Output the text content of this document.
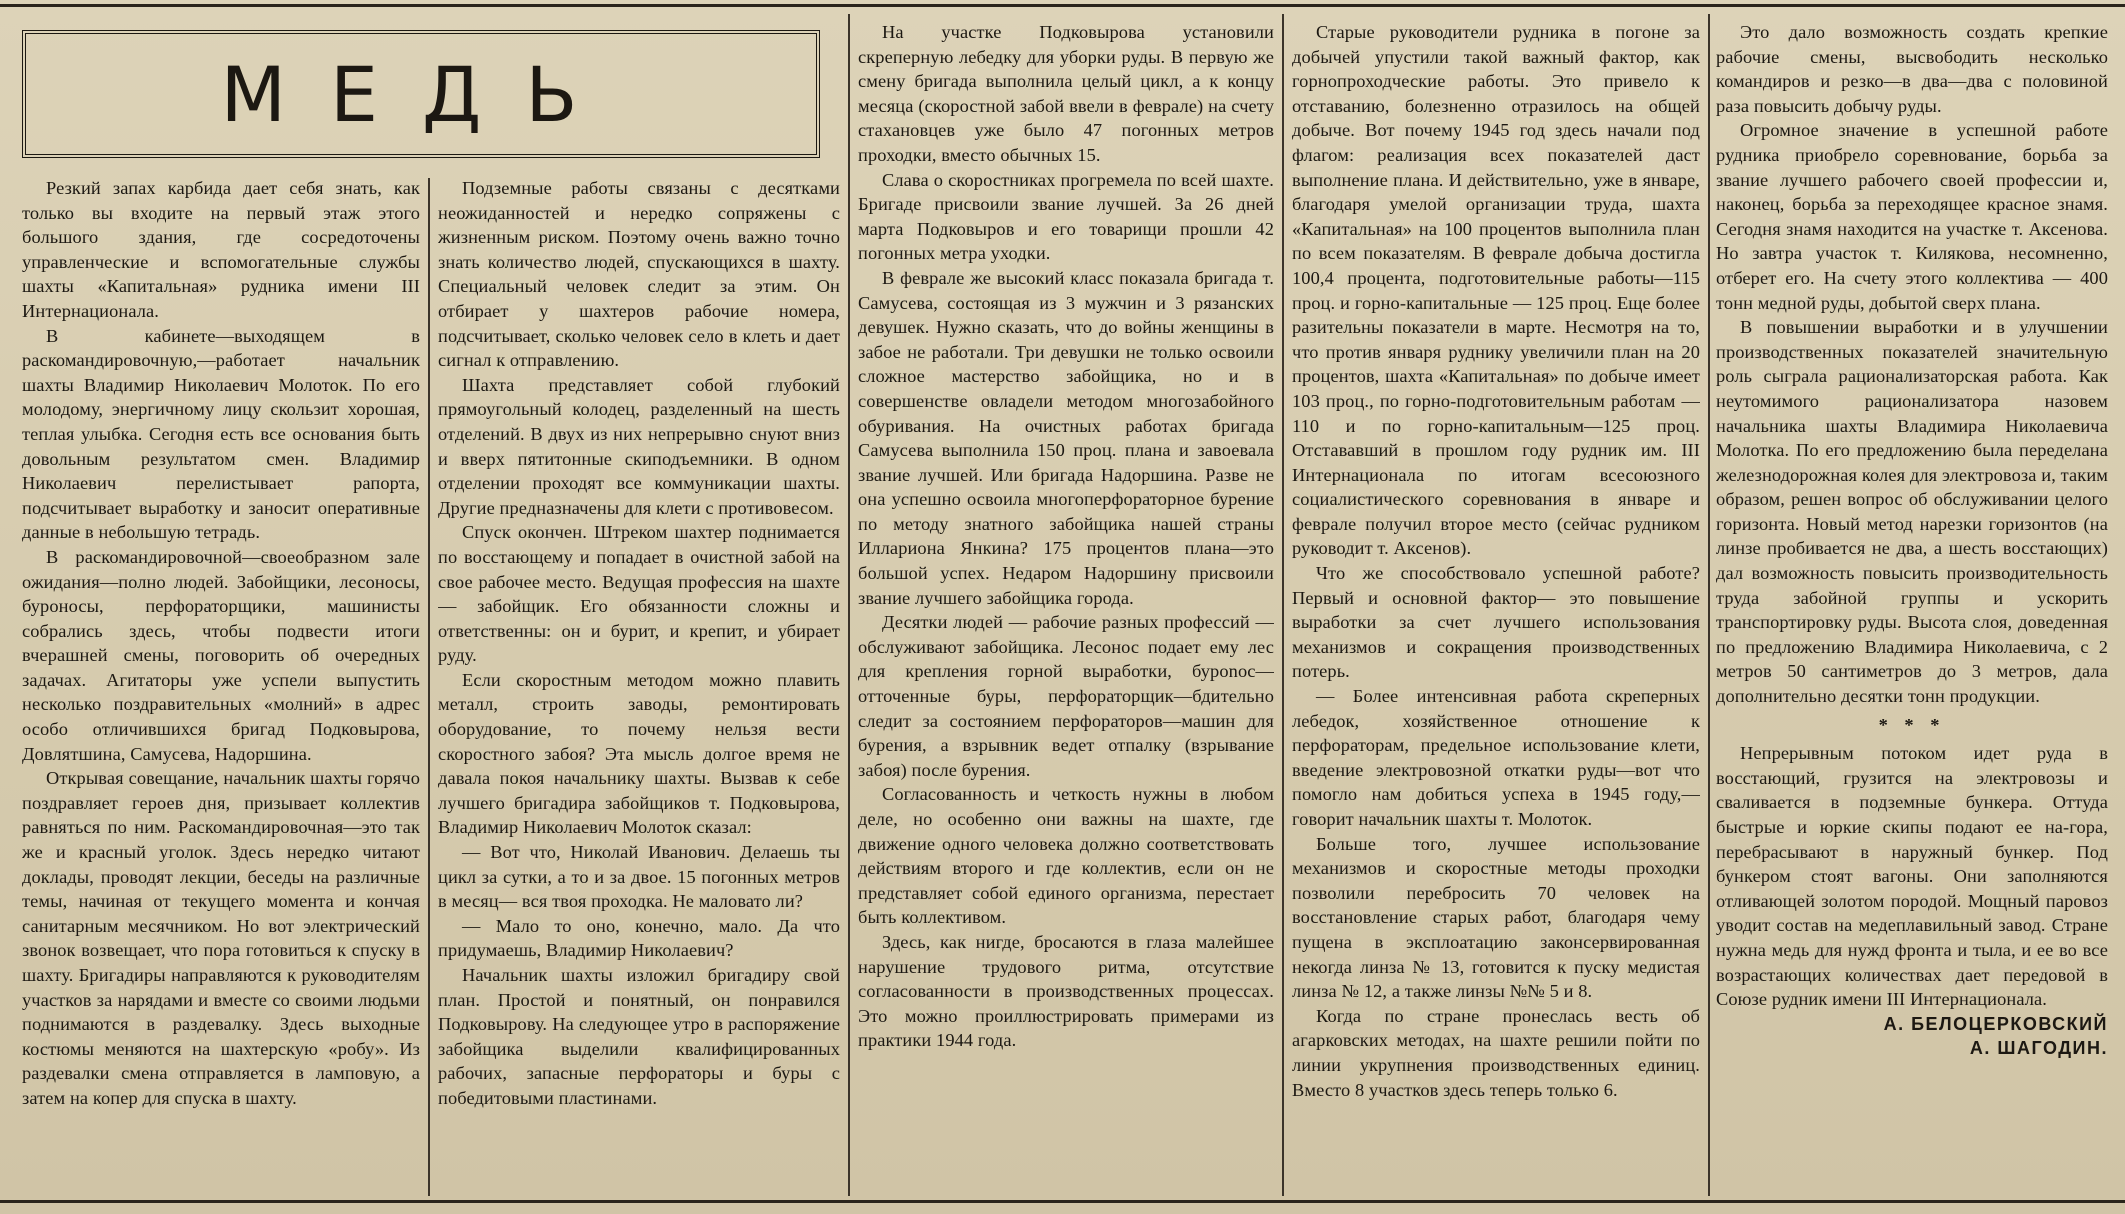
МЕДЬ

Резкий запах карбида дает себя знать, как только вы входите на первый этаж этого большого здания, где сосредоточены управленческие и вспомогательные службы шахты «Капитальная» рудника имени III Интернационала.

В кабинете—выходящем в раскомандировочную,—работает начальник шахты Владимир Николаевич Молоток. По его молодому, энергичному лицу скользит хорошая, теплая улыбка. Сегодня есть все основания быть довольным результатом смен. Владимир Николаевич перелистывает рапорта, подсчитывает выработку и заносит оперативные данные в небольшую тетрадь.

В раскомандировочной—своеобразном зале ожидания—полно людей. Забойщики, лесоносы, буроносы, перфораторщики, машинисты собрались здесь, чтобы подвести итоги вчерашней смены, поговорить об очередных задачах. Агитаторы уже успели выпустить несколько поздравительных «молний» в адрес особо отличившихся бригад Подковырова, Довлятшина, Самусева, Надоршина.

Открывая совещание, начальник шахты горячо поздравляет героев дня, призывает коллектив равняться по ним. Раскомандировочная—это так же и красный уголок. Здесь нередко читают доклады, проводят лекции, беседы на различные темы, начиная от текущего момента и кончая санитарным месячником. Но вот электрический звонок возвещает, что пора готовиться к спуску в шахту. Бригадиры направляются к руководителям участков за нарядами и вместе со своими людьми поднимаются в раздевалку. Здесь выходные костюмы меняются на шахтерскую «робу». Из раздевалки смена отправляется в ламповую, а затем на копер для спуска в шахту.

Подземные работы связаны с десятками неожиданностей и нередко сопряжены с жизненным риском. Поэтому очень важно точно знать количество людей, спускающихся в шахту. Специальный человек следит за этим. Он отбирает у шахтеров рабочие номера, подсчитывает, сколько человек село в клеть и дает сигнал к отправлению.

Шахта представляет собой глубокий прямоугольный колодец, разделенный на шесть отделений. В двух из них непрерывно снуют вниз и вверх пятитонные скиподъемники. В одном отделении проходят все коммуникации шахты. Другие предназначены для клети с противовесом.

Спуск окончен. Штреком шахтер поднимается по восстающему и попадает в очистной забой на свое рабочее место. Ведущая профессия на шахте — забойщик. Его обязанности сложны и ответственны: он и бурит, и крепит, и убирает руду.

Если скоростным методом можно плавить металл, строить заводы, ремонтировать оборудование, то почему нельзя вести скоростного забоя? Эта мысль долгое время не давала покоя начальнику шахты. Вызвав к себе лучшего бригадира забойщиков т. Подковырова, Владимир Николаевич Молоток сказал:

— Вот что, Николай Иванович. Делаешь ты цикл за сутки, а то и за двое. 15 погонных метров в месяц— вся твоя проходка. Не маловато ли?

— Мало то оно, конечно, мало. Да что придумаешь, Владимир Николаевич?

Начальник шахты изложил бригадиру свой план. Простой и понятный, он понравился Подковырову. На следующее утро в распоряжение забойщика выделили квалифицированных рабочих, запасные перфораторы и буры с победитовыми пластинами.

На участке Подковырова установили скреперную лебедку для уборки руды. В первую же смену бригада выполнила целый цикл, а к концу месяца (скоростной забой ввели в феврале) на счету стахановцев уже было 47 погонных метров проходки, вместо обычных 15.

Слава о скоростниках прогремела по всей шахте. Бригаде присвоили звание лучшей. За 26 дней марта Подковыров и его товарищи прошли 42 погонных метра уходки.

В феврале же высокий класс показала бригада т. Самусева, состоящая из 3 мужчин и 3 рязанских девушек. Нужно сказать, что до войны женщины в забое не работали. Три девушки не только освоили сложное мастерство забойщика, но и в совершенстве овладели методом многозабойного обуривания. На очистных работах бригада Самусева выполнила 150 проц. плана и завоевала звание лучшей. Или бригада Надоршина. Разве не она успешно освоила многоперфораторное бурение по методу знатного забойщика нашей страны Иллариона Янкина? 175 процентов плана—это большой успех. Недаром Надоршину присвоили звание лучшего забойщика города.

Десятки людей — рабочие разных профессий — обслуживают забойщика. Лесонос подает ему лес для крепления горной выработки, бурonoс—отточенные буры, перфораторщик—бдительно следит за состоянием перфораторов—машин для бурения, а взрывник ведет отпалку (взрывание забоя) после бурения.

Согласованность и четкость нужны в любом деле, но особенно они важны на шахте, где движение одного человека должно соответствовать действиям второго и где коллектив, если он не представляет собой единого организма, перестает быть коллективом.

Здесь, как нигде, бросаются в глаза малейшее нарушение трудового ритма, отсутствие согласованности в производственных процессах. Это можно проиллюстрировать примерами из практики 1944 года.

Старые руководители рудника в погоне за добычей упустили такой важный фактор, как горнопроходческие работы. Это привело к отставанию, болезненно отразилось на общей добыче. Вот почему 1945 год здесь начали под флагом: реализация всех показателей даст выполнение плана. И действительно, уже в январе, благодаря умелой организации труда, шахта «Капитальная» на 100 процентов выполнила план по всем показателям. В феврале добыча достигла 100,4 процента, подготовительные работы—115 проц. и горно-капитальные — 125 проц. Еще более разительны показатели в марте. Несмотря на то, что против января руднику увеличили план на 20 процентов, шахта «Капитальная» по добыче имеет 103 проц., по горно-подготовительным работам — 110 и по горно-капитальным—125 проц. Отстававший в прошлом году рудник им. III Интернационала по итогам всесоюзного социалистического соревнования в январе и феврале получил второе место (сейчас рудником руководит т. Аксенов).

Что же способствовало успешной работе? Первый и основной фактор— это повышение выработки за счет лучшего использования механизмов и сокращения производственных потерь.

— Более интенсивная работа скреперных лебедок, хозяйственное отношение к перфораторам, предельное использование клети, введение электровозной откатки руды—вот что помогло нам добиться успеха в 1945 году,—говорит начальник шахты т. Молоток.

Больше того, лучшее использование механизмов и скоростные методы проходки позволили перебросить 70 человек на восстановление старых работ, благодаря чему пущена в эксплоатацию законсервированная некогда линза № 13, готовится к пуску медистая линза № 12, а также линзы №№ 5 и 8.

Когда по стране пронеслась весть об агарковских методах, на шахте решили пойти по линии укрупнения производственных единиц. Вместо 8 участков здесь теперь только 6.

Это дало возможность создать крепкие рабочие смены, высвободить несколько командиров и резко—в два—два с половиной раза повысить добычу руды.

Огромное значение в успешной работе рудника приобрело соревнование, борьба за звание лучшего рабочего своей профессии и, наконец, борьба за переходящее красное знамя. Сегодня знамя находится на участке т. Аксенова. Но завтра участок т. Килякова, несомненно, отберет его. На счету этого коллектива — 400 тонн медной руды, добытой сверх плана.

В повышении выработки и в улучшении производственных показателей значительную роль сыграла рационализаторская работа. Как неутомимого рационализатора назовем начальника шахты Владимира Николаевича Молотка. По его предложению была переделана железнодорожная колея для электровоза и, таким образом, решен вопрос об обслуживании целого горизонта. Новый метод нарезки горизонтов (на линзе пробивается не два, а шесть восстающих) дал возможность повысить производительность труда забойной группы и ускорить транспортировку руды. Высота слоя, доведенная по предложению Владимира Николаевича, с 2 метров 50 сантиметров до 3 метров, дала дополнительно десятки тонн продукции.

* * *

Непрерывным потоком идет руда в восстающий, грузится на электровозы и сваливается в подземные бункера. Оттуда быстрые и юркие скипы подают ее на-гора, перебрасывают в наружный бункер. Под бункером стоят вагоны. Они заполняются отливающей золотом породой. Мощный паровоз уводит состав на медеплавильный завод. Стране нужна медь для нужд фронта и тыла, и ее во все возрастающих количествах дает передовой в Союзе рудник имени III Интернационала.

А. БЕЛОЦЕРКОВСКИЙ

А. ШАГОДИН.
